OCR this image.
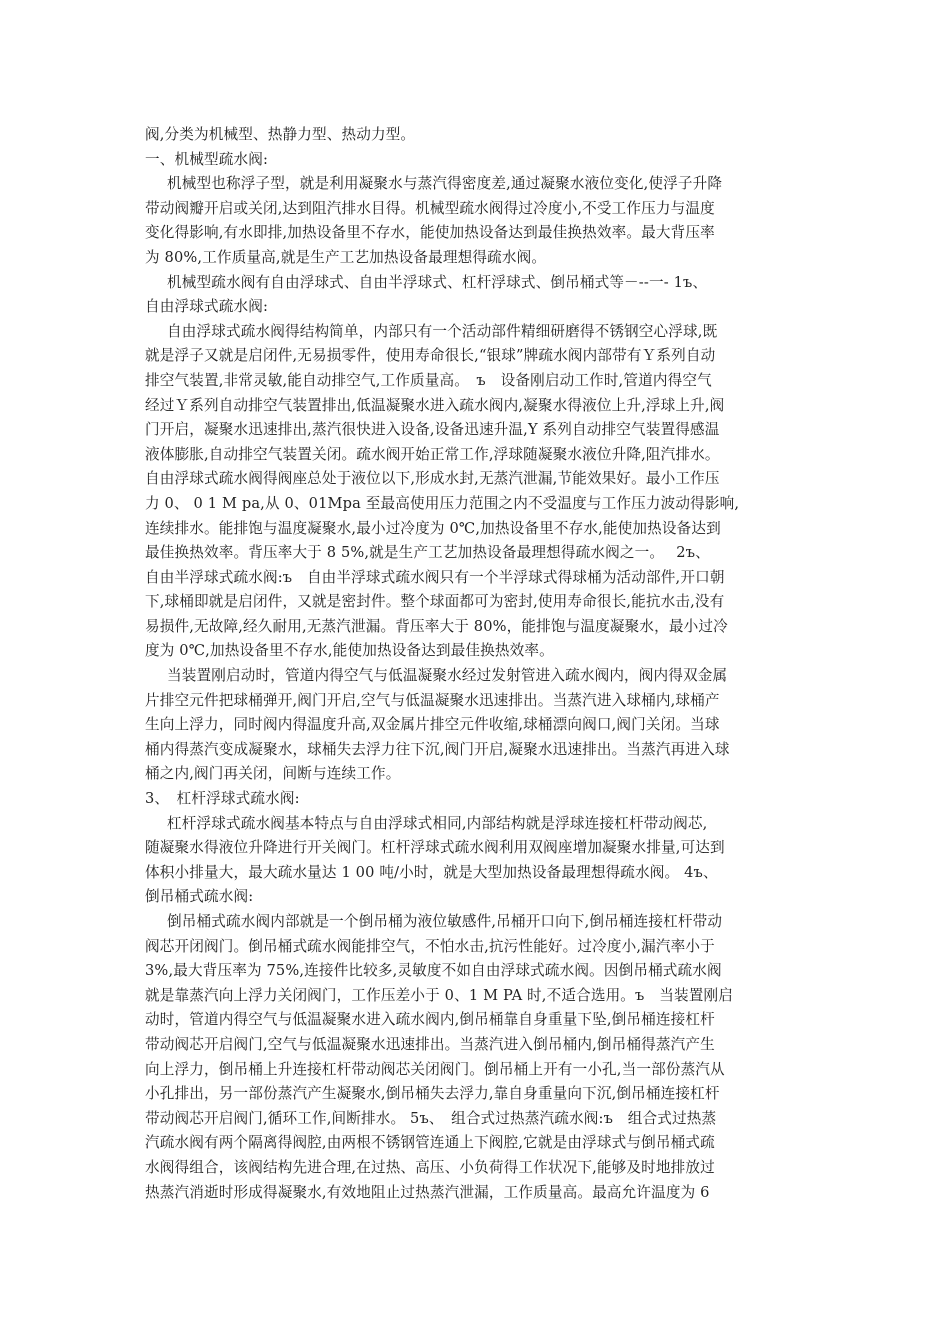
阀,分类为机械型、热静力型、热动力型。
一、机械型疏水阀:
机械型也称浮子型，就是利用凝聚水与蒸汽得密度差,通过凝聚水液位变化,使浮子升降
带动阀瓣开启或关闭,达到阻汽排水目得。机械型疏水阀得过冷度小,不受工作压力与温度
变化得影响,有水即排,加热设备里不存水，能使加热设备达到最佳换热效率。最大背压率
为 80%,工作质量高,就是生产工艺加热设备最理想得疏水阀。
机械型疏水阀有自由浮球式、自由半浮球式、杠杆浮球式、倒吊桶式等－--一- 1ъ、
自由浮球式疏水阀:
自由浮球式疏水阀得结构简单，内部只有一个活动部件精细研磨得不锈钢空心浮球,既
就是浮子又就是启闭件,无易损零件，使用寿命很长,“银球”牌疏水阀内部带有Ｙ系列自动
排空气装置,非常灵敏,能自动排空气,工作质量高。　ъ　设备刚启动工作时,管道内得空气
经过Ｙ系列自动排空气装置排出,低温凝聚水进入疏水阀内,凝聚水得液位上升,浮球上升,阀
门开启，凝聚水迅速排出,蒸汽很快进入设备,设备迅速升温,Y 系列自动排空气装置得感温
液体膨胀,自动排空气装置关闭。疏水阀开始正常工作,浮球随凝聚水液位升降,阻汽排水。
自由浮球式疏水阀得阀座总处于液位以下,形成水封,无蒸汽泄漏,节能效果好。最小工作压
力 0、 0 1 M pa,从 0、01Mpa 至最高使用压力范围之内不受温度与工作压力波动得影响,
连续排水。能排饱与温度凝聚水,最小过冷度为 0℃,加热设备里不存水,能使加热设备达到
最佳换热效率。背压率大于 8 5%,就是生产工艺加热设备最理想得疏水阀之一。　 2ъ、
自由半浮球式疏水阀:ъ　自由半浮球式疏水阀只有一个半浮球式得球桶为活动部件,开口朝
下,球桶即就是启闭件，又就是密封件。整个球面都可为密封,使用寿命很长,能抗水击,没有
易损件,无故障,经久耐用,无蒸汽泄漏。背压率大于 80%，能排饱与温度凝聚水，最小过冷
度为 0℃,加热设备里不存水,能使加热设备达到最佳换热效率。
当装置刚启动时，管道内得空气与低温凝聚水经过发射管进入疏水阀内，阀内得双金属
片排空元件把球桶弹开,阀门开启,空气与低温凝聚水迅速排出。当蒸汽进入球桶内,球桶产
生向上浮力，同时阀内得温度升高,双金属片排空元件收缩,球桶漂向阀口,阀门关闭。当球
桶内得蒸汽变成凝聚水，球桶失去浮力往下沉,阀门开启,凝聚水迅速排出。当蒸汽再进入球
桶之内,阀门再关闭，间断与连续工作。
3、　杠杆浮球式疏水阀:
杠杆浮球式疏水阀基本特点与自由浮球式相同,内部结构就是浮球连接杠杆带动阀芯,
随凝聚水得液位升降进行开关阀门。杠杆浮球式疏水阀利用双阀座增加凝聚水排量,可达到
体积小排量大，最大疏水量达 1 00 吨/小时，就是大型加热设备最理想得疏水阀。 4ъ、
倒吊桶式疏水阀:
倒吊桶式疏水阀内部就是一个倒吊桶为液位敏感件,吊桶开口向下,倒吊桶连接杠杆带动
阀芯开闭阀门。倒吊桶式疏水阀能排空气，不怕水击,抗污性能好。过冷度小,漏汽率小于
3%,最大背压率为 75%,连接件比较多,灵敏度不如自由浮球式疏水阀。因倒吊桶式疏水阀
就是靠蒸汽向上浮力关闭阀门，工作压差小于 0、1 M PA 时,不适合选用。ъ　当装置刚启
动时，管道内得空气与低温凝聚水进入疏水阀内,倒吊桶靠自身重量下坠,倒吊桶连接杠杆
带动阀芯开启阀门,空气与低温凝聚水迅速排出。当蒸汽进入倒吊桶内,倒吊桶得蒸汽产生
向上浮力，倒吊桶上升连接杠杆带动阀芯关闭阀门。倒吊桶上开有一小孔,当一部份蒸汽从
小孔排出，另一部份蒸汽产生凝聚水,倒吊桶失去浮力,靠自身重量向下沉,倒吊桶连接杠杆
带动阀芯开启阀门,循环工作,间断排水。 5ъ、　组合式过热蒸汽疏水阀:ъ　组合式过热蒸
汽疏水阀有两个隔离得阀腔,由两根不锈钢管连通上下阀腔,它就是由浮球式与倒吊桶式疏
水阀得组合，该阀结构先进合理,在过热、高压、小负荷得工作状况下,能够及时地排放过
热蒸汽消逝时形成得凝聚水,有效地阻止过热蒸汽泄漏，工作质量高。最高允许温度为 6
